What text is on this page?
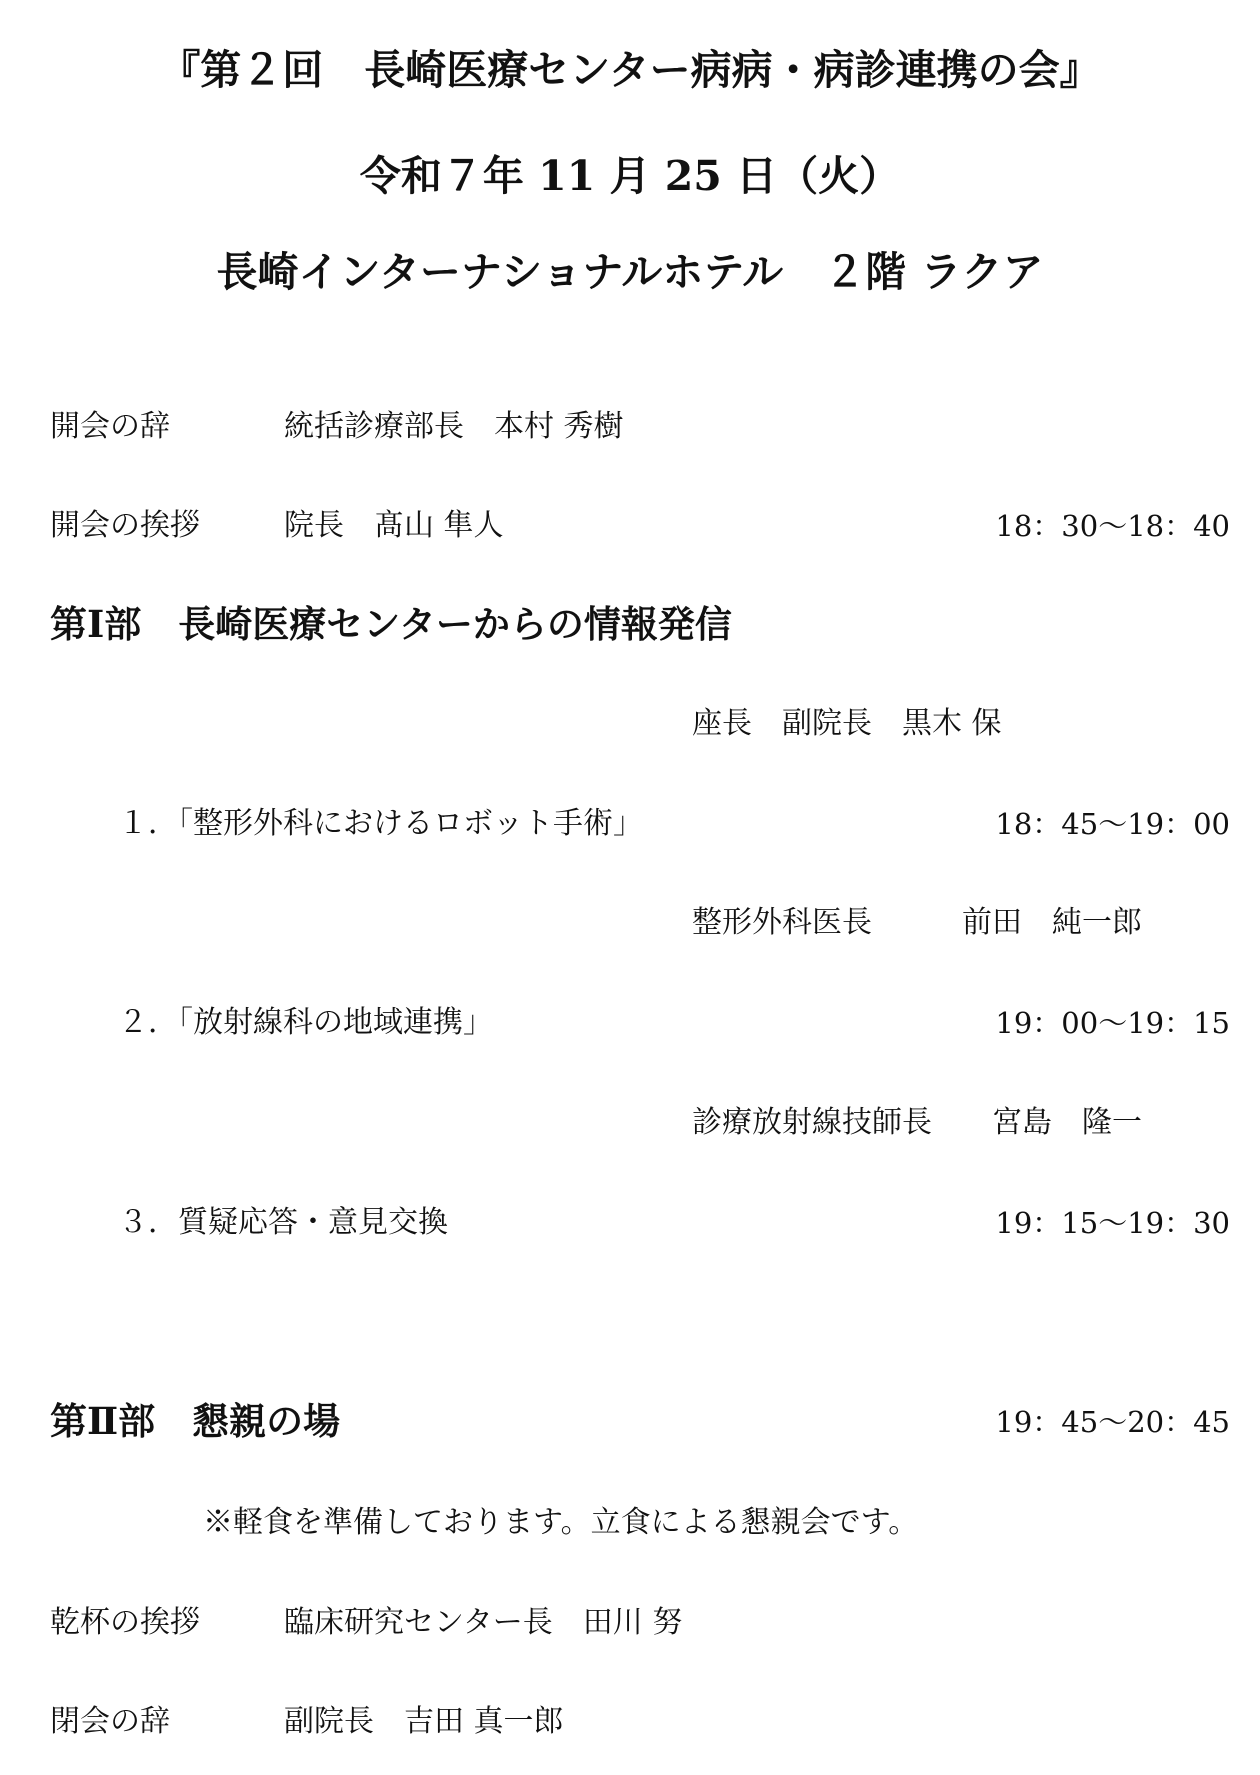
『第２回　長崎医療センター病病・病診連携の会』
令和７年 11 月 25 日（火）
長崎インターナショナルホテル　２階 ラクア
開会の辞	統括診療部長　本村 秀樹
開会の挨拶	院長　髙山 隼人	18：30〜18：40
第Ⅰ部　長崎医療センターからの情報発信
座長　副院長　黒木 保
１．「整形外科におけるロボット手術」	18：45〜19：00
整形外科医長　　　前田　純一郎
２．「放射線科の地域連携」	19：00〜19：15
診療放射線技師長　　宮島　隆一
３．質疑応答・意見交換	19：15〜19：30
第Ⅱ部　懇親の場	19：45〜20：45
※軽食を準備しております。立食による懇親会です。
乾杯の挨拶	臨床研究センター長　田川 努
閉会の辞	副院長　吉田 真一郎
